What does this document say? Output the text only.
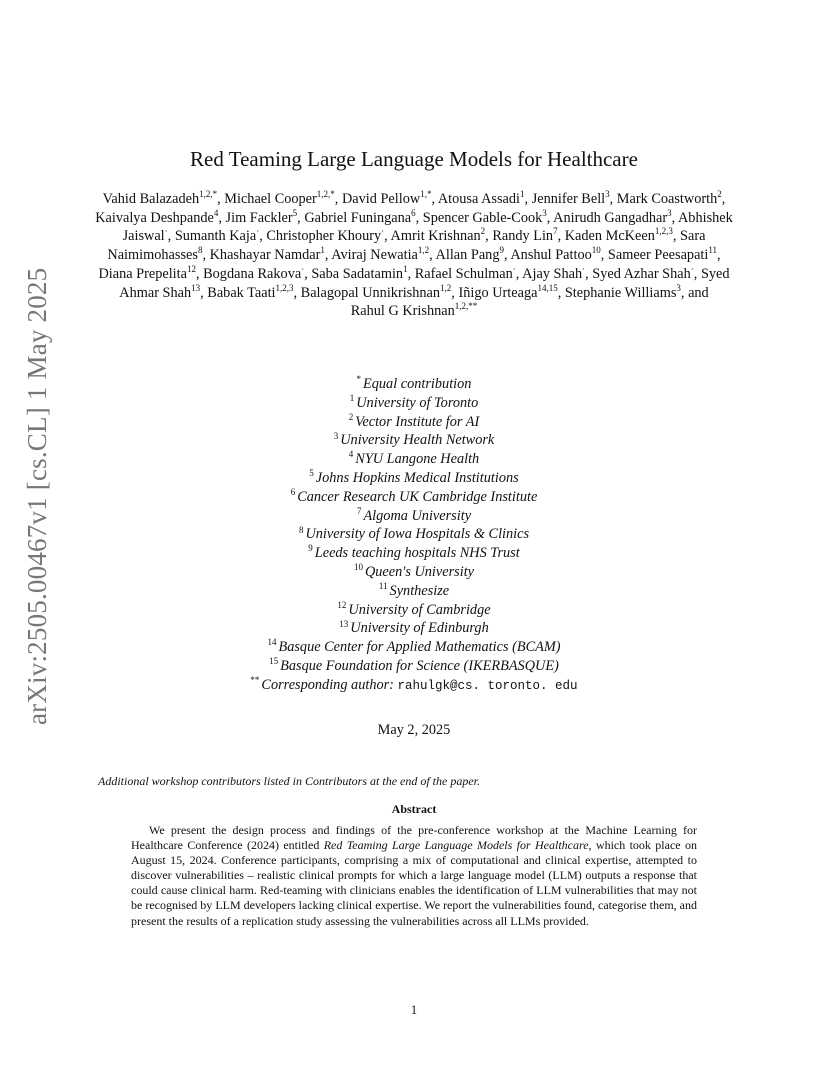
arXiv:2505.00467v1 [cs.CL] 1 May 2025
Red Teaming Large Language Models for Healthcare
Vahid Balazadeh$^{1,2,*}$, Michael Cooper$^{1,2,*}$, David Pellow$^{1,*}$, Atousa Assadi$^1$, Jennifer Bell$^3$, Mark Coastworth$^2$, Kaivalya Deshpande$^4$, Jim Fackler$^5$, Gabriel Funingana$^6$, Spencer Gable-Cook$^3$, Anirudh Gangadhar$^3$, Abhishek Jaiswal·, Sumanth Kaja·, Christopher Khoury·, Amrit Krishnan$^2$, Randy Lin$^7$, Kaden McKeen$^{1,2,3}$, Sara Naimimohasses$^8$, Khashayar Namdar$^1$, Aviraj Newatia$^{1,2}$, Allan Pang$^9$, Anshul Pattoo$^{10}$, Sameer Peesapati$^{11}$, Diana Prepelita$^{12}$, Bogdana Rakova·, Saba Sadatamin$^1$, Rafael Schulman·, Ajay Shah·, Syed Azhar Shah·, Syed Ahmar Shah$^{13}$, Babak Taati$^{1,2,3}$, Balagopal Unnikrishnan$^{1,2}$, Iñigo Urteaga$^{14,15}$, Stephanie Williams$^3$, and
Rahul G Krishnan$^{1,2,**}$
* Equal contribution
$^1$ University of Toronto
$^2$ Vector Institute for AI
$^3$ University Health Network
$^4$ NYU Langone Health
$^5$ Johns Hopkins Medical Institutions
$^6$ Cancer Research UK Cambridge Institute
$^7$ Algoma University
$^8$ University of Iowa Hospitals & Clinics
$^9$ Leeds teaching hospitals NHS Trust
$^{10}$ Queen's University
$^{11}$ Synthesize
$^{12}$ University of Cambridge
$^{13}$ University of Edinburgh
$^{14}$ Basque Center for Applied Mathematics (BCAM)
$^{15}$ Basque Foundation for Science (IKERBASQUE)
** Corresponding author: rahulgk@cs. toronto. edu
May 2, 2025
Additional workshop contributors listed in Contributors at the end of the paper.
Abstract
We present the design process and findings of the pre-conference workshop at the Machine Learning for Healthcare Conference (2024) entitled Red Teaming Large Language Models for Healthcare, which took place on August 15, 2024. Conference participants, comprising a mix of computational and clinical expertise, attempted to discover vulnerabilities – realistic clinical prompts for which a large language model (LLM) outputs a response that could cause clinical harm. Red-teaming with clinicians enables the identification of LLM vulnerabilities that may not be recognised by LLM developers lacking clinical expertise. We report the vulnerabilities found, categorise them, and present the results of a replication study assessing the vulnerabilities across all LLMs provided.
1
